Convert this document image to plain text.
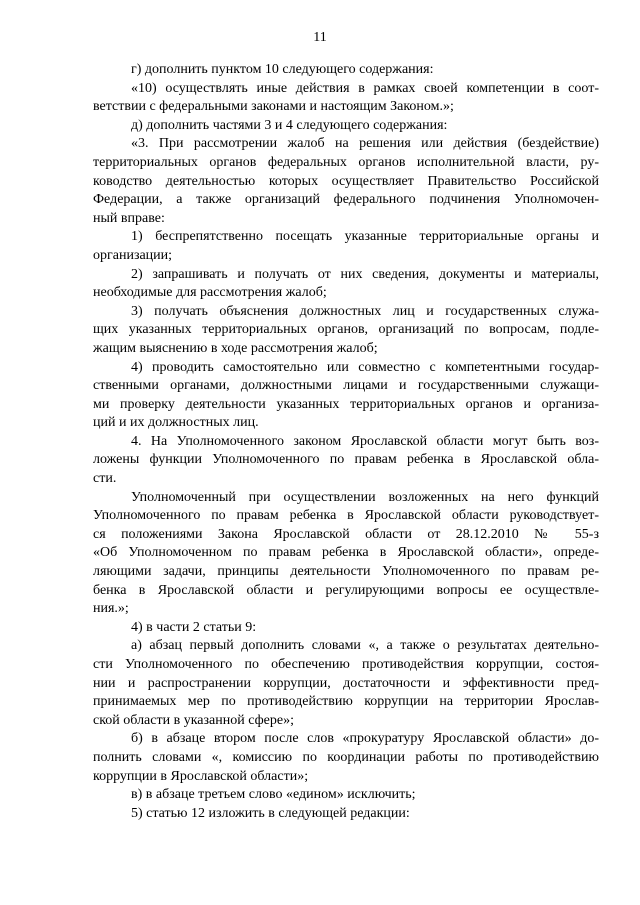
11
г) дополнить пунктом 10 следующего содержания:
«10) осуществлять иные действия в рамках своей компетенции в соот-
ветствии с федеральными законами и настоящим Законом.»;
д) дополнить частями 3 и 4 следующего содержания:
«3. При рассмотрении жалоб на решения или действия (бездействие)
территориальных органов федеральных органов исполнительной власти, ру-
ководство деятельностью которых осуществляет Правительство Российской
Федерации, а также организаций федерального подчинения Уполномочен-
ный вправе:
1) беспрепятственно посещать указанные территориальные органы и
организации;
2) запрашивать и получать от них сведения, документы и материалы,
необходимые для рассмотрения жалоб;
3) получать объяснения должностных лиц и государственных служа-
щих указанных территориальных органов, организаций по вопросам, подле-
жащим выяснению в ходе рассмотрения жалоб;
4) проводить самостоятельно или совместно с компетентными государ-
ственными органами, должностными лицами и государственными служащи-
ми проверку деятельности указанных территориальных органов и организа-
ций и их должностных лиц.
4. На Уполномоченного законом Ярославской области могут быть воз-
ложены функции Уполномоченного по правам ребенка в Ярославской обла-
сти.
Уполномоченный при осуществлении возложенных на него функций
Уполномоченного по правам ребенка в Ярославской области руководствует-
ся положениями Закона Ярославской области от 28.12.2010 № 55-з
«Об Уполномоченном по правам ребенка в Ярославской области», опреде-
ляющими задачи, принципы деятельности Уполномоченного по правам ре-
бенка в Ярославской области и регулирующими вопросы ее осуществле-
ния.»;
4) в части 2 статьи 9:
а) абзац первый дополнить словами «, а также о результатах деятельно-
сти Уполномоченного по обеспечению противодействия коррупции, состоя-
нии и распространении коррупции, достаточности и эффективности пред-
принимаемых мер по противодействию коррупции на территории Ярослав-
ской области в указанной сфере»;
б) в абзаце втором после слов «прокуратуру Ярославской области» до-
полнить словами «, комиссию по координации работы по противодействию
коррупции в Ярославской области»;
в) в абзаце третьем слово «едином» исключить;
5) статью 12 изложить в следующей редакции:
